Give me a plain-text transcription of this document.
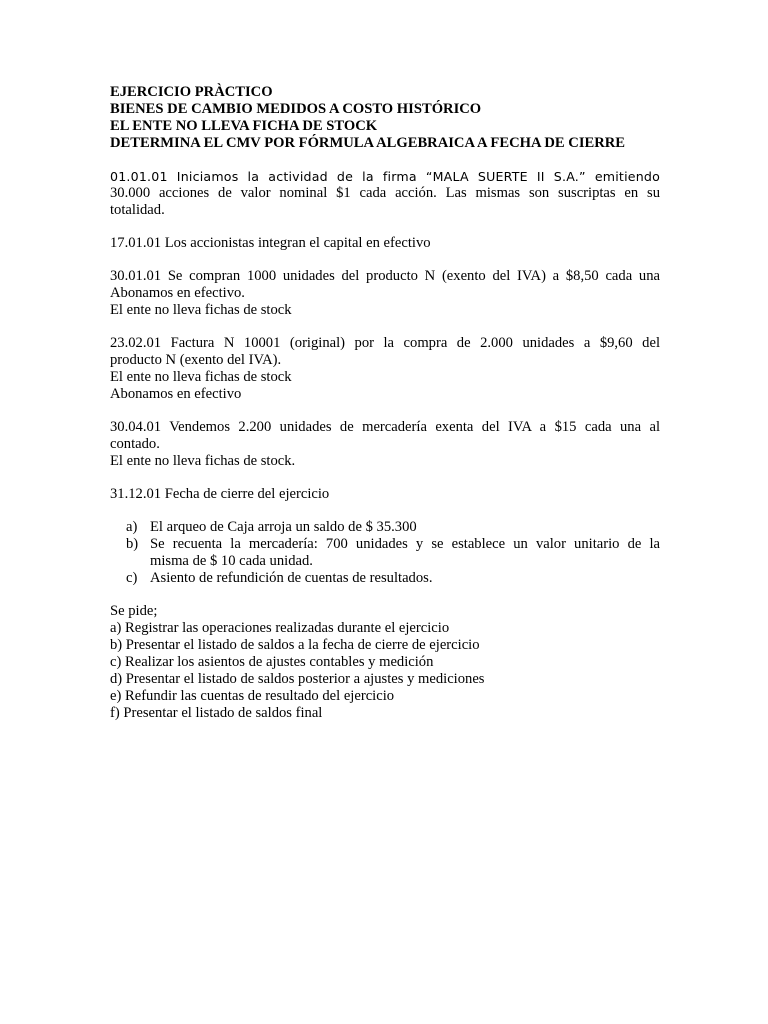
EJERCICIO PRÀCTICO
BIENES DE CAMBIO MEDIDOS A COSTO HISTÓRICO
EL ENTE NO LLEVA FICHA DE STOCK
DETERMINA EL CMV POR FÓRMULA ALGEBRAICA A FECHA DE CIERRE

01.01.01 Iniciamos la actividad de la firma “MALA SUERTE II S.A.” emitiendo
30.000 acciones de valor nominal $1 cada acción. Las mismas son suscriptas en su
totalidad.

17.01.01 Los accionistas integran el capital en efectivo

30.01.01 Se compran 1000 unidades del producto N (exento del IVA) a $8,50 cada una
Abonamos en efectivo.
El ente no lleva fichas de stock

23.02.01 Factura N 10001 (original) por la compra de 2.000 unidades a $9,60 del
producto N (exento del IVA).
El ente no lleva fichas de stock
Abonamos en efectivo

30.04.01 Vendemos 2.200 unidades de mercadería exenta del IVA a $15 cada una al
contado.
El ente no lleva fichas de stock.

31.12.01 Fecha de cierre del ejercicio

a) El arqueo de Caja arroja un saldo de $ 35.300
b) Se recuenta la mercadería: 700 unidades y se establece un valor unitario de la
misma de $ 10 cada unidad.
c) Asiento de refundición de cuentas de resultados.

Se pide;
a) Registrar las operaciones realizadas durante el ejercicio
b) Presentar el listado de saldos a la fecha de cierre de ejercicio
c) Realizar los asientos de ajustes contables y medición
d) Presentar el listado de saldos posterior a ajustes y mediciones
e) Refundir las cuentas de resultado del ejercicio
f) Presentar el listado de saldos final
